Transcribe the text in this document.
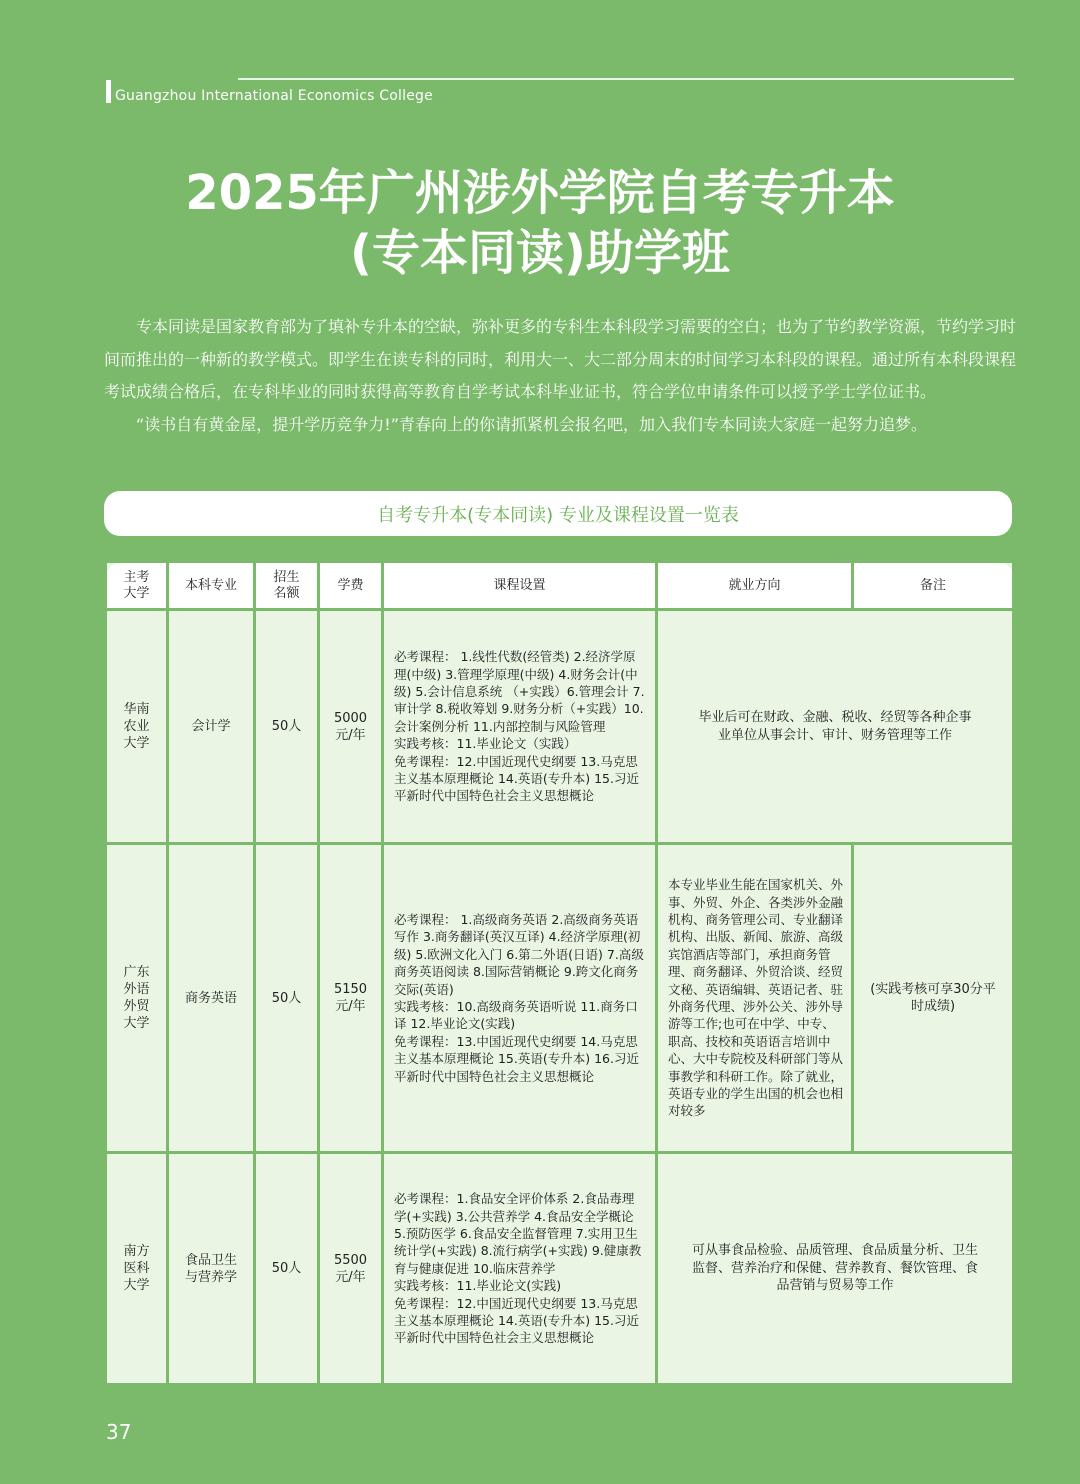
Guangzhou International Economics College
2025年广州涉外学院自考专升本
(专本同读)助学班

专本同读是国家教育部为了填补专升本的空缺，弥补更多的专科生本科段学习需要的空白；也为了节约教学资源，节约学习时间而推出的一种新的教学模式。即学生在读专科的同时，利用大一、大二部分周末的时间学习本科段的课程。通过所有本科段课程考试成绩合格后，在专科毕业的同时获得高等教育自学考试本科毕业证书，符合学位申请条件可以授予学士学位证书。

“读书自有黄金屋，提升学历竞争力!”青春向上的你请抓紧机会报名吧，加入我们专本同读大家庭一起努力追梦。

自考专升本(专本同读) 专业及课程设置一览表
主考大学	本科专业	招生名额	学费	课程设置	就业方向	备注
华南农业大学	会计学	50人	5000元/年	必考课程： 1.线性代数(经管类) 2.经济学原理(中级) 3.管理学原理(中级) 4.财务会计(中级) 5.会计信息系统 （+实践）6.管理会计 7.审计学 8.税收筹划 9.财务分析（+实践）10.会计案例分析 11.内部控制与风险管理
实践考核：11.毕业论文（实践）
免考课程：12.中国近现代史纲要 13.马克思主义基本原理概论 14.英语(专升本) 15.习近平新时代中国特色社会主义思想概论	毕业后可在财政、金融、税收、经贸等各种企事业单位从事会计、审计、财务管理等工作	
广东外语外贸大学	商务英语	50人	5150元/年	必考课程： 1.高级商务英语 2.高级商务英语写作 3.商务翻译(英汉互译) 4.经济学原理(初级) 5.欧洲文化入门 6.第二外语(日语) 7.高级商务英语阅读 8.国际营销概论 9.跨文化商务交际(英语)
实践考核：10.高级商务英语听说 11.商务口译 12.毕业论文(实践)
免考课程：13.中国近现代史纲要 14.马克思主义基本原理概论 15.英语(专升本) 16.习近平新时代中国特色社会主义思想概论	本专业毕业生能在国家机关、外事、外贸、外企、各类涉外金融机构、商务管理公司、专业翻译机构、出版、新闻、旅游、高级宾馆酒店等部门，承担商务管理、商务翻译、外贸洽谈、经贸文秘、英语编辑、英语记者、驻外商务代理、涉外公关、涉外导游等工作;也可在中学、中专、职高、技校和英语语言培训中心、大中专院校及科研部门等从事教学和科研工作。除了就业，英语专业的学生出国的机会也相对较多	(实践考核可享30分平时成绩)
南方医科大学	食品卫生与营养学	50人	5500元/年	必考课程：1.食品安全评价体系 2.食品毒理学(+实践) 3.公共营养学 4.食品安全学概论 5.预防医学 6.食品安全监督管理 7.实用卫生统计学(+实践) 8.流行病学(+实践) 9.健康教育与健康促进 10.临床营养学
实践考核：11.毕业论文(实践)
免考课程：12.中国近现代史纲要 13.马克思主义基本原理概论 14.英语(专升本) 15.习近平新时代中国特色社会主义思想概论	可从事食品检验、品质管理、食品质量分析、卫生监督、营养治疗和保健、营养教育、餐饮管理、食品营销与贸易等工作	
37
